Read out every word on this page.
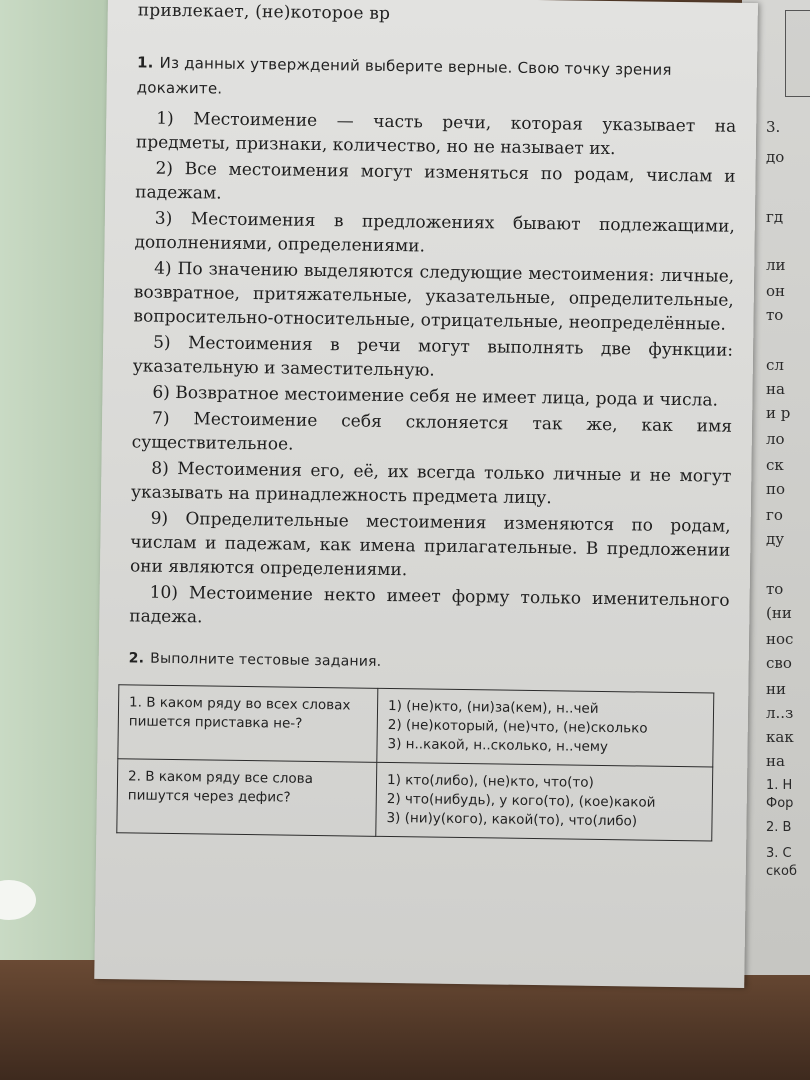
3.
до
гд
ли
он
то
сл
на
и р
ло
ск
по
го
ду
то
(ни
нос
сво
ни
л..з
как
на
1. Н
Фор
2. В
3. С
скоб
привлекает, (не)которое вр
1. Из данных утверждений выберите верные. Свою точку зрения докажите.

1) Местоимение — часть речи, которая указывает на предметы, признаки, количество, но не называет их.

2) Все местоимения могут изменяться по родам, числам и падежам.

3) Местоимения в предложениях бывают подлежащими, дополнениями, определениями.

4) По значению выделяются следующие местоимения: личные, возвратное, притяжательные, указательные, определительные, вопросительно-относительные, отрицательные, неопределённые.

5) Местоимения в речи могут выполнять две функции: указательную и заместительную.

6) Возвратное местоимение себя не имеет лица, рода и числа.

7) Местоимение себя склоняется так же, как имя существительное.

8) Местоимения его, её, их всегда только личные и не могут указывать на принадлежность предмета лицу.

9) Определительные местоимения изменяются по родам, числам и падежам, как имена прилагательные. В предложении они являются определениями.

10) Местоимение некто имеет форму только именительного падежа.

2. Выполните тестовые задания.
1. В каком ряду во всех словах пишется приставка не-?	1) (не)кто, (ни)за(кем), н..чей
2) (не)который, (не)что, (не)сколько
3) н..какой, н..сколько, н..чему

2. В каком ряду все слова пишутся через дефис?	1) кто(либо), (не)кто, что(то)
2) что(нибудь), у кого(то), (кое)какой
3) (ни)у(кого), какой(то), что(либо)
